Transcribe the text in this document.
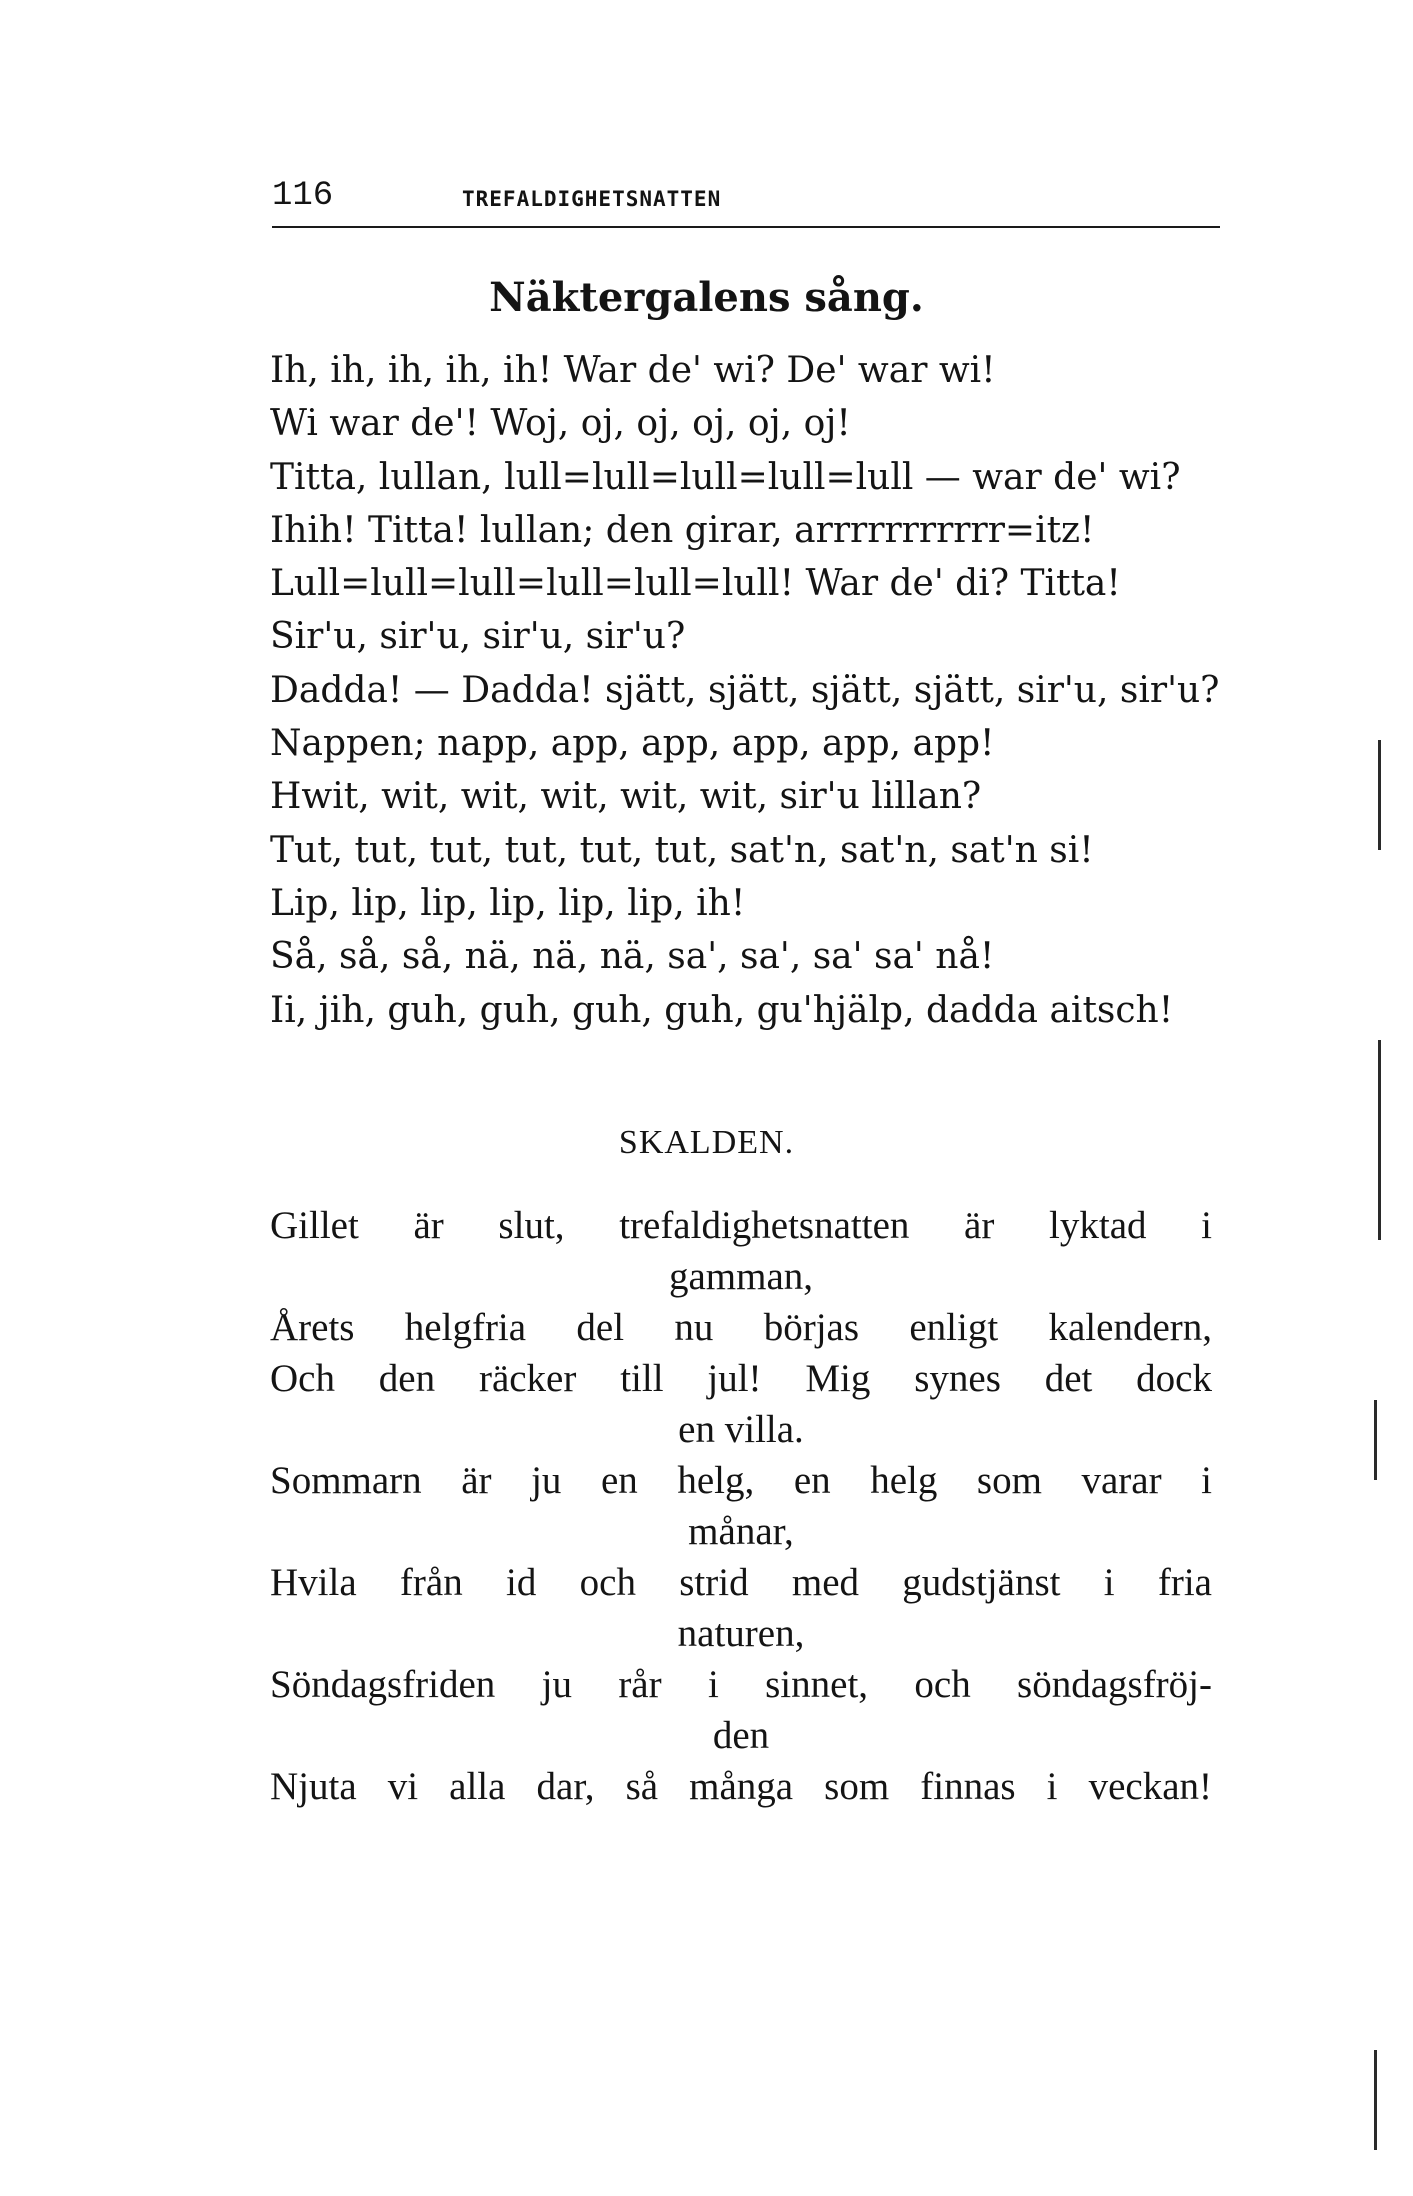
116	TREFALDIGHETSNATTEN
Näktergalens sång.
Ih, ih, ih, ih, ih! War de' wi? De' war wi!
Wi war de'! Woj, oj, oj, oj, oj, oj!
Titta, lullan, lull=lull=lull=lull=lull — war de' wi?
Ihih! Titta! lullan; den girar, arrrrrrrrrrr=itz!
Lull=lull=lull=lull=lull=lull! War de' di? Titta!
Sir'u, sir'u, sir'u, sir'u?
Dadda! — Dadda! sjätt, sjätt, sjätt, sjätt, sir'u, sir'u?
Nappen; napp, app, app, app, app, app!
Hwit, wit, wit, wit, wit, wit, sir'u lillan?
Tut, tut, tut, tut, tut, tut, sat'n, sat'n, sat'n si!
Lip, lip, lip, lip, lip, lip, ih!
Så, så, så, nä, nä, nä, sa', sa', sa' sa' nå!
Ii, jih, guh, guh, guh, guh, gu'hjälp, dadda aitsch!
SKALDEN.
Gillet är slut, trefaldighetsnatten är lyktad i
gamman,
Årets helgfria del nu börjas enligt kalendern,
Och den räcker till jul! Mig synes det dock
en villa.
Sommarn är ju en helg, en helg som varar i
månar,
Hvila från id och strid med gudstjänst i fria
naturen,
Söndagsfriden ju rår i sinnet, och söndagsfröj-
den
Njuta vi alla dar, så många som finnas i veckan!
